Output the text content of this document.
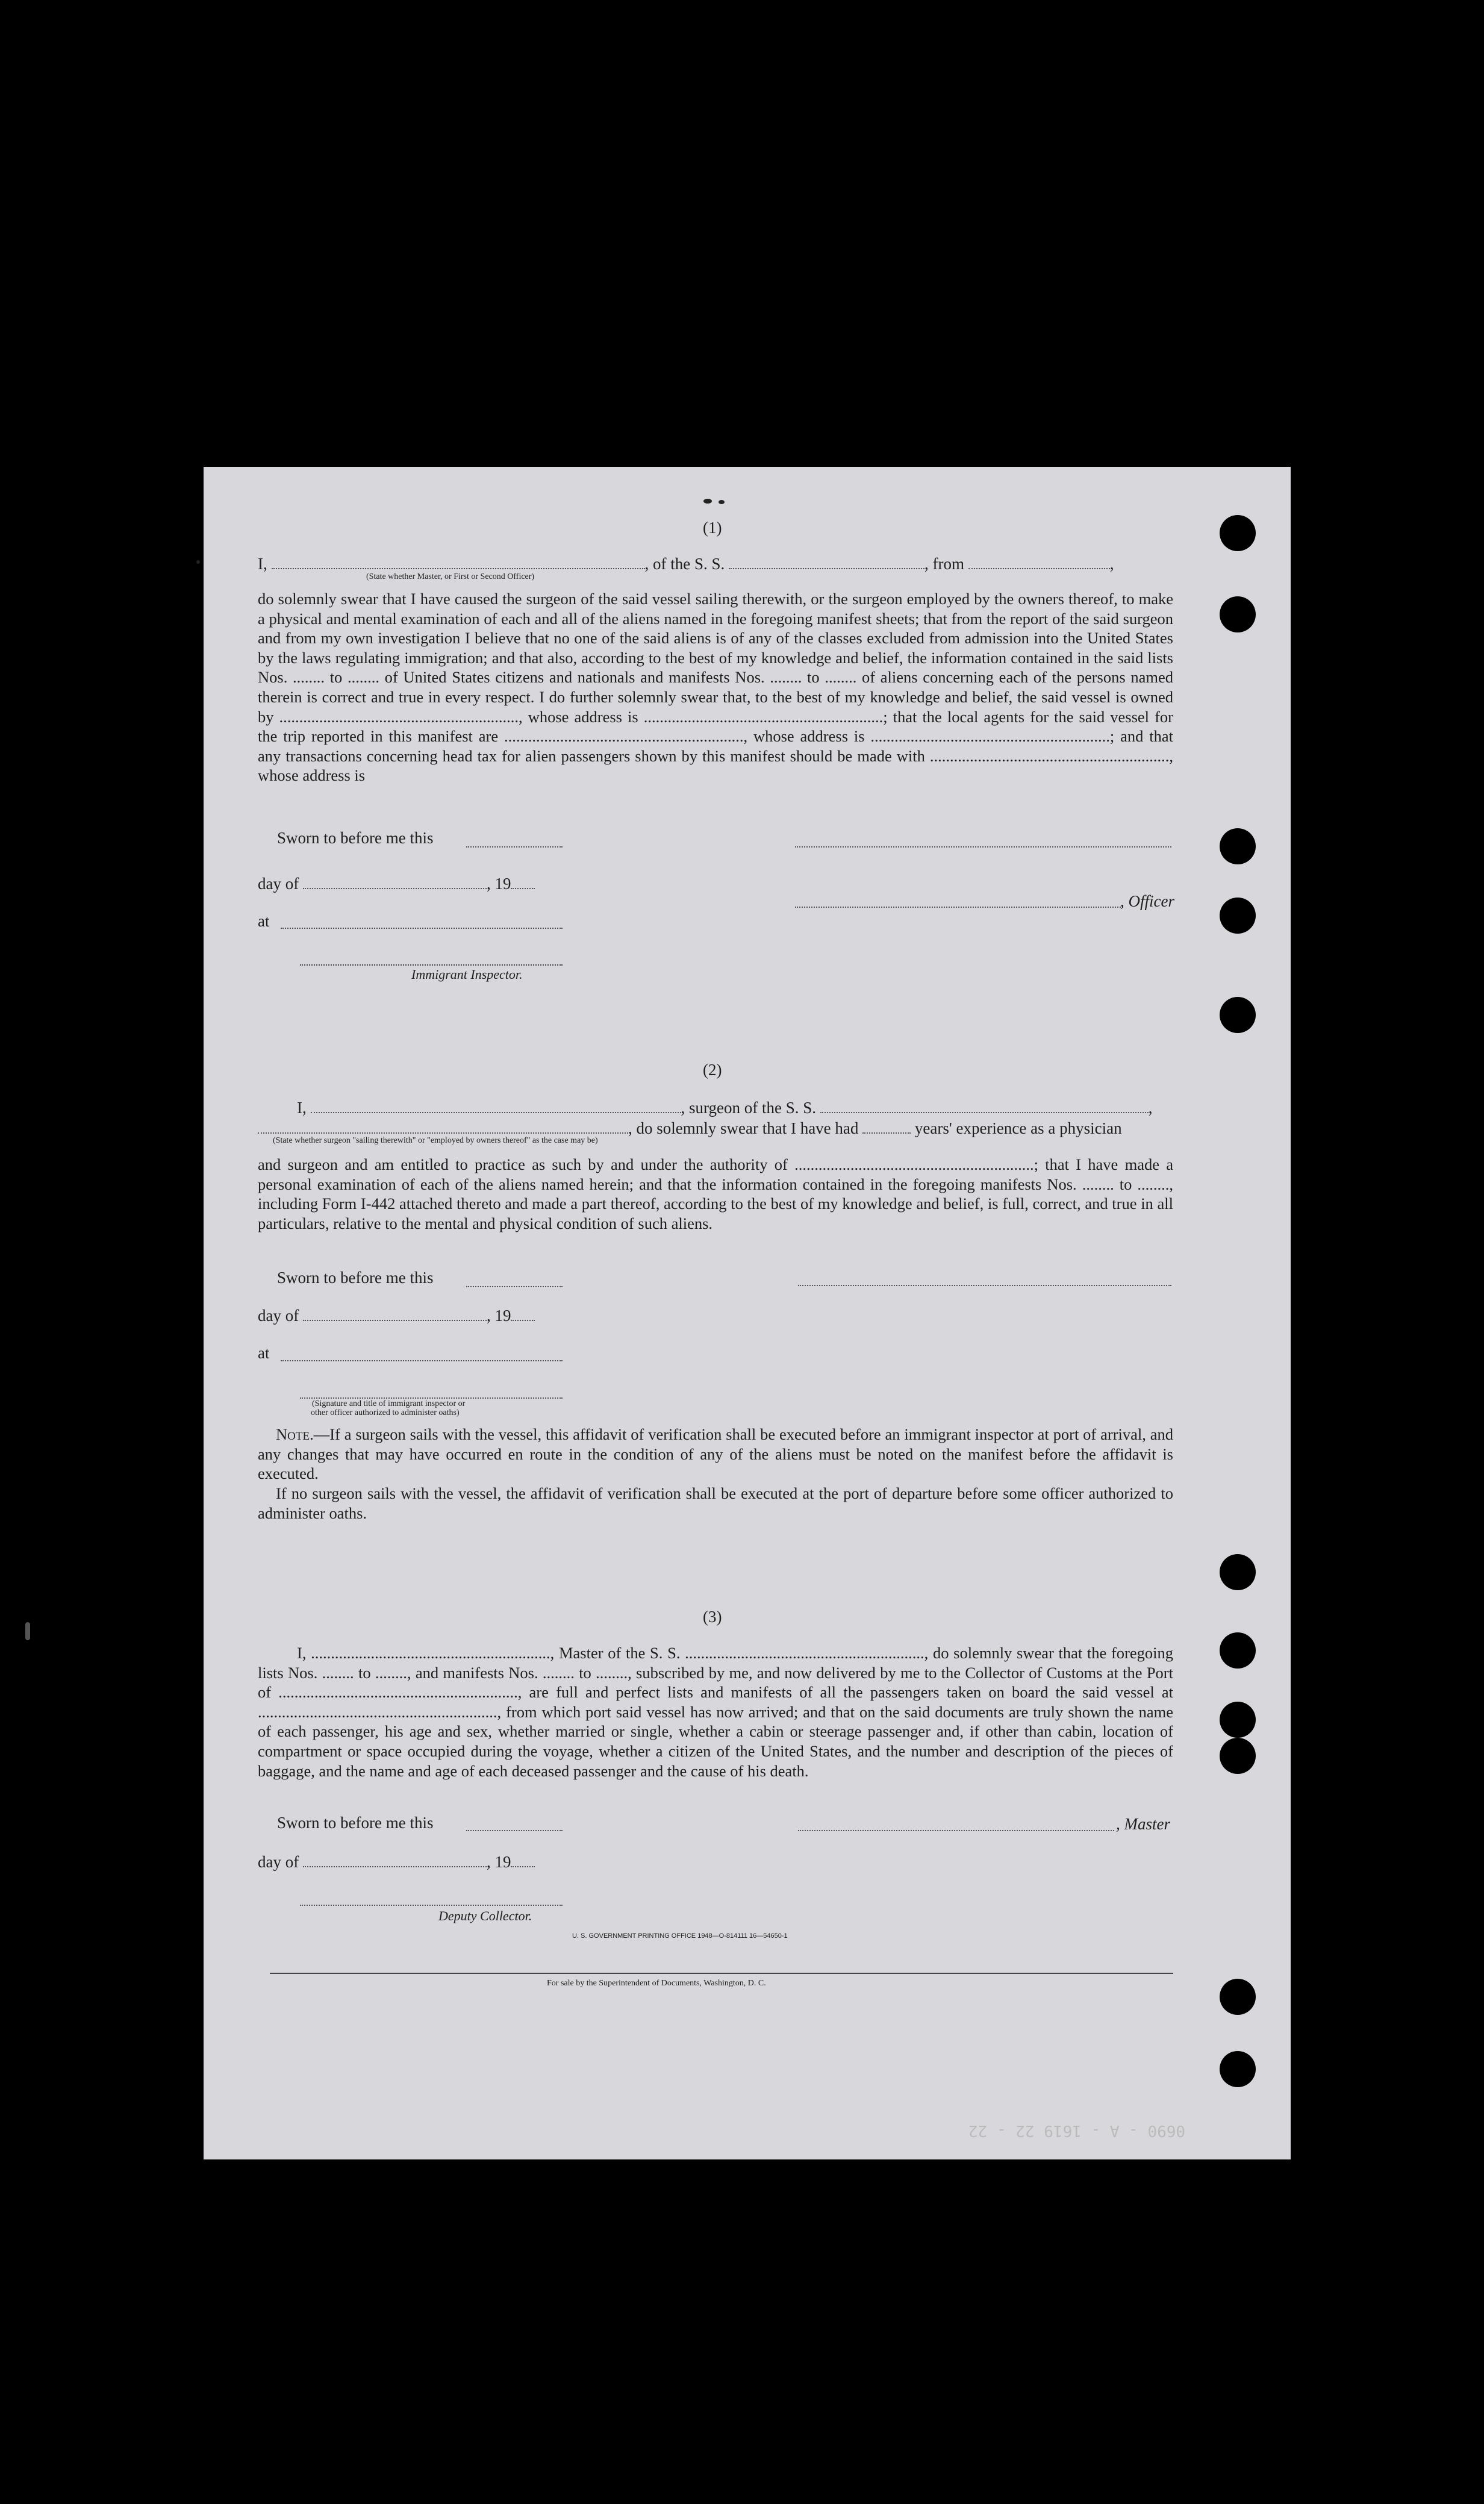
(1)
I,	, of the S. S.	, from	,
(State whether Master, or First or Second Officer)
do solemnly swear that I have caused the surgeon of the said vessel sailing therewith, or the surgeon employed by the owners thereof, to make a physical and mental examination of each and all of the aliens named in the foregoing manifest sheets; that from the report of the said surgeon and from my own investigation I believe that no one of the said aliens is of any of the classes excluded from admission into the United States by the laws regulating immigration; and that also, according to the best of my knowledge and belief, the information contained in the said lists Nos. ........ to ........ of United States citizens and nationals and manifests Nos. ........ to ........ of aliens concerning each of the persons named therein is correct and true in every respect. I do further solemnly swear that, to the best of my knowledge and belief, the said vessel is owned by ............................................................, whose address is ............................................................; that the local agents for the said vessel for the trip reported in this manifest are ............................................................, whose address is ............................................................; and that any transactions concerning head tax for alien passengers shown by this manifest should be made with ............................................................, whose address is
Sworn to before me this
day of	, 19
, Officer
at
Immigrant Inspector.
(2)
I,	, surgeon of the S. S.	,
, do solemnly swear that I have had	years' experience as a physician
(State whether surgeon "sailing therewith" or "employed by owners thereof" as the case may be)
and surgeon and am entitled to practice as such by and under the authority of ............................................................; that I have made a personal examination of each of the aliens named herein; and that the information contained in the foregoing manifests Nos. ........ to ........, including Form I-442 attached thereto and made a part thereof, according to the best of my knowledge and belief, is full, correct, and true in all particulars, relative to the mental and physical condition of such aliens.
Sworn to before me this
day of	, 19
at
(Signature and title of immigrant inspector or
other officer authorized to administer oaths)
Note.—If a surgeon sails with the vessel, this affidavit of verification shall be executed before an immigrant inspector at port of arrival, and any changes that may have occurred en route in the condition of any of the aliens must be noted on the manifest before the affidavit is executed.
If no surgeon sails with the vessel, the affidavit of verification shall be executed at the port of departure before some officer authorized to administer oaths.
(3)
I, ............................................................, Master of the S. S. ............................................................, do solemnly swear that the foregoing lists Nos. ........ to ........, and manifests Nos. ........ to ........, subscribed by me, and now delivered by me to the Collector of Customs at the Port of ............................................................, are full and perfect lists and manifests of all the passengers taken on board the said vessel at ............................................................, from which port said vessel has now arrived; and that on the said documents are truly shown the name of each passenger, his age and sex, whether married or single, whether a cabin or steerage passenger and, if other than cabin, location of compartment or space occupied during the voyage, whether a citizen of the United States, and the number and description of the pieces of baggage, and the name and age of each deceased passenger and the cause of his death.
Sworn to before me this	, Master
day of	, 19
Deputy Collector.
U. S. GOVERNMENT PRINTING OFFICE 1948—O-814111 16—54650-1
For sale by the Superintendent of Documents, Washington, D. C.
0690 - A - 1619 22 - 22
